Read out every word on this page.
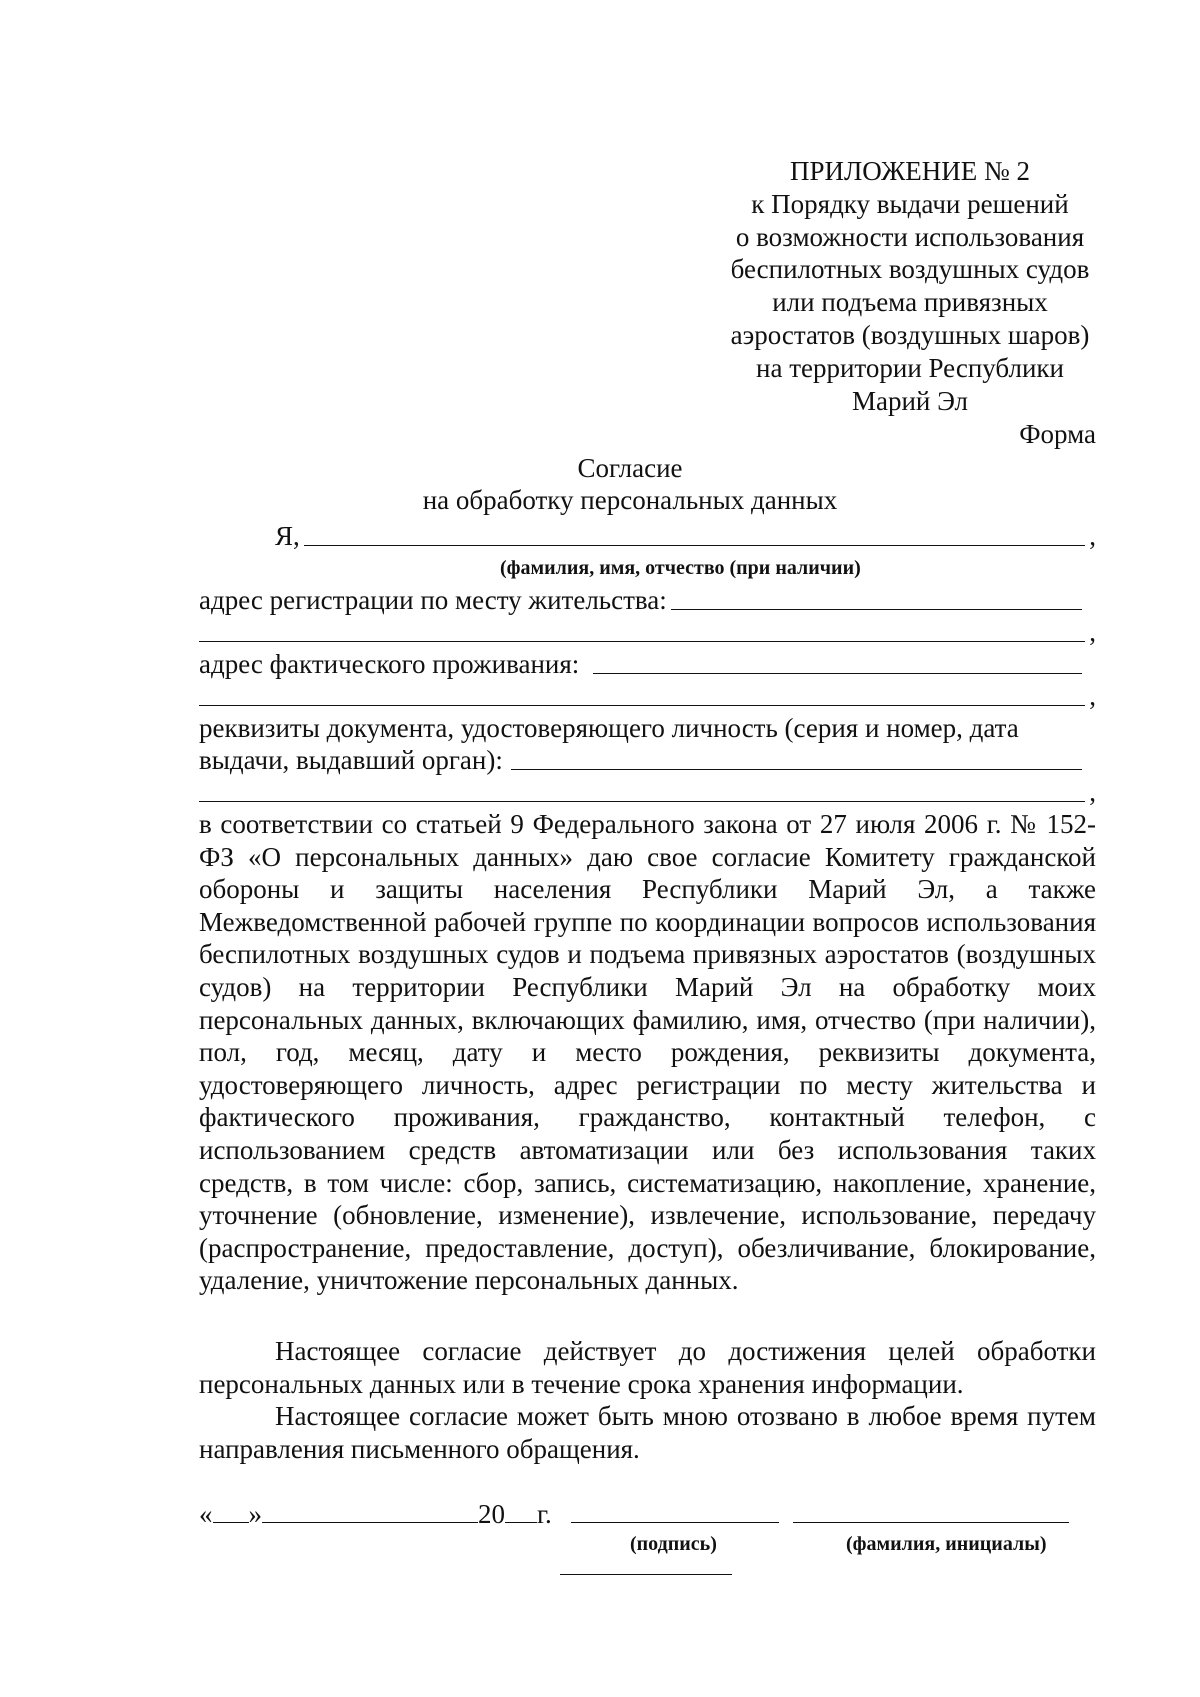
ПРИЛОЖЕНИЕ № 2
к Порядку выдачи решений
о возможности использования
беспилотных воздушных судов
или подъема привязных
аэростатов (воздушных шаров)
на территории Республики
Марий Эл
Форма
Согласие
на обработку персональных данных
Я,	,
(фамилия, имя, отчество (при наличии)
адрес регистрации по месту жительства:
,
адрес фактического проживания:
,
реквизиты документа, удостоверяющего личность (серия и номер, дата
выдачи, выдавший орган):
,
в соответствии со статьей 9 Федерального закона от 27 июля 2006 г. № 152-ФЗ «О персональных данных» даю свое согласие Комитету гражданской обороны и защиты населения Республики Марий Эл, а также Межведомственной рабочей группе по координации вопросов использования беспилотных воздушных судов и подъема привязных аэростатов (воздушных судов) на территории Республики Марий Эл на обработку моих персональных данных, включающих фамилию, имя, отчество (при наличии), пол, год, месяц, дату и место рождения, реквизиты документа, удостоверяющего личность, адрес регистрации по месту жительства и фактического проживания, гражданство, контактный телефон, с использованием средств автоматизации или без использования таких средств, в том числе: сбор, запись, систематизацию, накопление, хранение, уточнение (обновление, изменение), извлечение, использование, передачу (распространение, предоставление, доступ), обезличивание, блокирование, удаление, уничтожение персональных данных.
Настоящее согласие действует до достижения целей обработки персональных данных или в течение срока хранения информации.
Настоящее согласие может быть мною отозвано в любое время путем направления письменного обращения.
« »	20 г.
(подпись)	(фамилия, инициалы)
